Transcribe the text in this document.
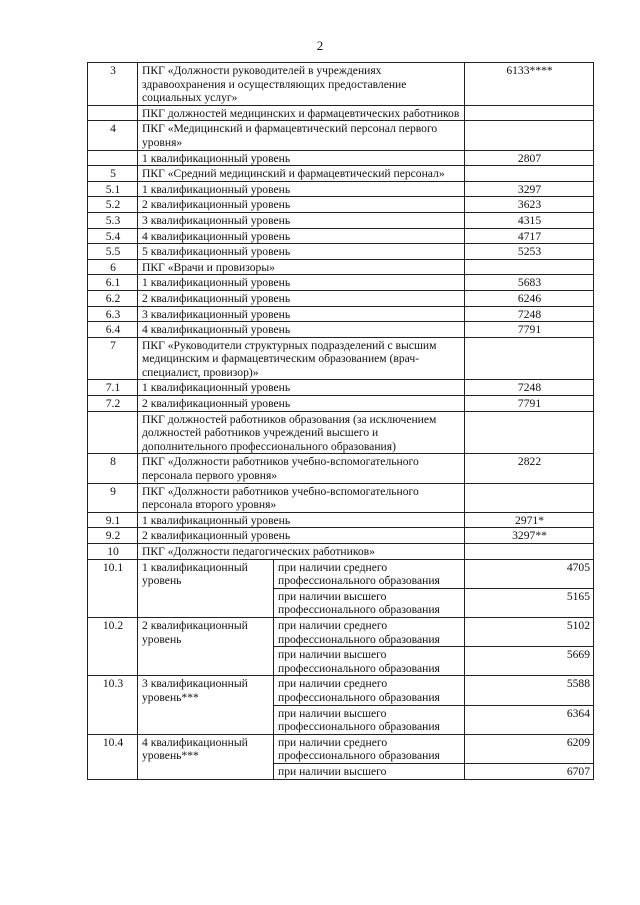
2
3	ПКГ «Должности руководителей в учреждениях здравоохранения и осуществляющих предоставление социальных услуг»		6133****
	ПКГ должностей медицинских и фармацевтических работников		
4	ПКГ «Медицинский и фармацевтический персонал первого уровня»		
	1 квалификационный уровень		2807
5	ПКГ «Средний медицинский и фармацевтический персонал»		
5.1	1 квалификационный уровень		3297
5.2	2 квалификационный уровень		3623
5.3	3 квалификационный уровень		4315
5.4	4 квалификационный уровень		4717
5.5	5 квалификационный уровень		5253
6	ПКГ «Врачи и провизоры»		
6.1	1 квалификационный уровень		5683
6.2	2 квалификационный уровень		6246
6.3	3 квалификационный уровень		7248
6.4	4 квалификационный уровень		7791
7	ПКГ «Руководители структурных подразделений с высшим медицинским и фармацевтическим образованием (врач-специалист, провизор)»		
7.1	1 квалификационный уровень		7248
7.2	2 квалификационный уровень		7791
	ПКГ должностей работников образования (за исключением должностей работников учреждений высшего и дополнительного профессионального образования)		
8	ПКГ «Должности работников учебно-вспомогательного персонала первого уровня»		2822
9	ПКГ «Должности работников учебно-вспомогательного персонала второго уровня»		
9.1	1 квалификационный уровень		2971*
9.2	2 квалификационный уровень		3297**
10	ПКГ «Должности педагогических работников»		
10.1	1 квалификационный уровень	при наличии среднего профессионального образования	4705
		при наличии высшего профессионального образования	5165
10.2	2 квалификационный уровень	при наличии среднего профессионального образования	5102
		при наличии высшего профессионального образования	5669
10.3	3 квалификационный уровень***	при наличии среднего профессионального образования	5588
		при наличии высшего профессионального образования	6364
10.4	4 квалификационный уровень***	при наличии среднего профессионального образования	6209
		при наличии высшего	6707
